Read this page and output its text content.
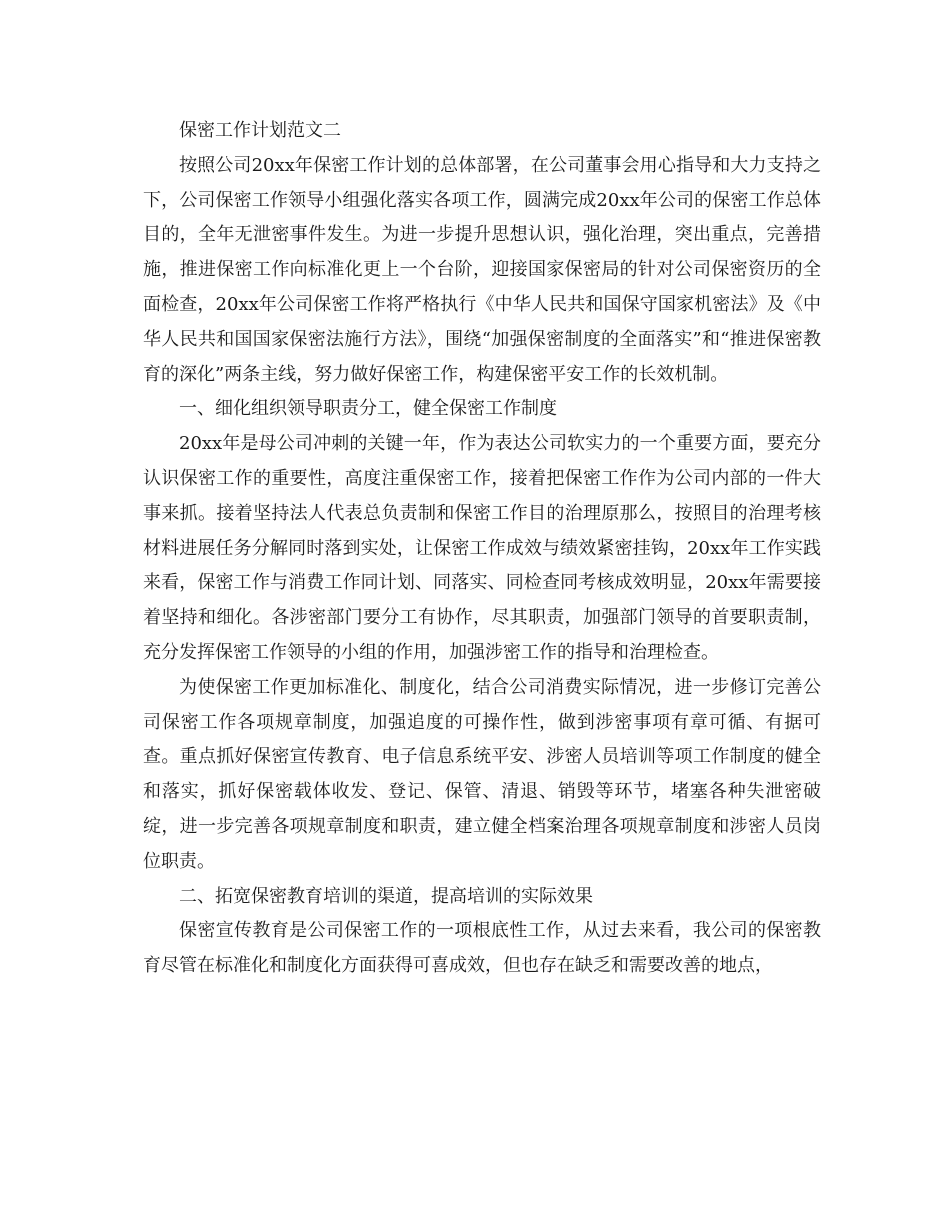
保密工作计划范文二

按照公司20xx年保密工作计划的总体部署，在公司董事会用心指导和大力支持之下，公司保密工作领导小组强化落实各项工作，圆满完成20xx年公司的保密工作总体目的，全年无泄密事件发生。为进一步提升思想认识，强化治理，突出重点，完善措施，推进保密工作向标准化更上一个台阶，迎接国家保密局的针对公司保密资历的全面检查，20xx年公司保密工作将严格执行《中华人民共和国保守国家机密法》及《中华人民共和国国家保密法施行方法》，围绕“加强保密制度的全面落实”和“推进保密教育的深化”两条主线，努力做好保密工作，构建保密平安工作的长效机制。

一、细化组织领导职责分工，健全保密工作制度

20xx年是母公司冲刺的关键一年，作为表达公司软实力的一个重要方面，要充分认识保密工作的重要性，高度注重保密工作，接着把保密工作作为公司内部的一件大事来抓。接着坚持法人代表总负责制和保密工作目的治理原那么，按照目的治理考核材料进展任务分解同时落到实处，让保密工作成效与绩效紧密挂钩，20xx年工作实践来看，保密工作与消费工作同计划、同落实、同检查同考核成效明显，20xx年需要接着坚持和细化。各涉密部门要分工有协作，尽其职责，加强部门领导的首要职责制，充分发挥保密工作领导的小组的作用，加强涉密工作的指导和治理检查。

为使保密工作更加标准化、制度化，结合公司消费实际情况，进一步修订完善公司保密工作各项规章制度，加强追度的可操作性，做到涉密事项有章可循、有据可查。重点抓好保密宣传教育、电子信息系统平安、涉密人员培训等项工作制度的健全和落实，抓好保密载体收发、登记、保管、清退、销毁等环节，堵塞各种失泄密破绽，进一步完善各项规章制度和职责，建立健全档案治理各项规章制度和涉密人员岗位职责。

二、拓宽保密教育培训的渠道，提高培训的实际效果

保密宣传教育是公司保密工作的一项根底性工作，从过去来看，我公司的保密教育尽管在标准化和制度化方面获得可喜成效，但也存在缺乏和需要改善的地点，
